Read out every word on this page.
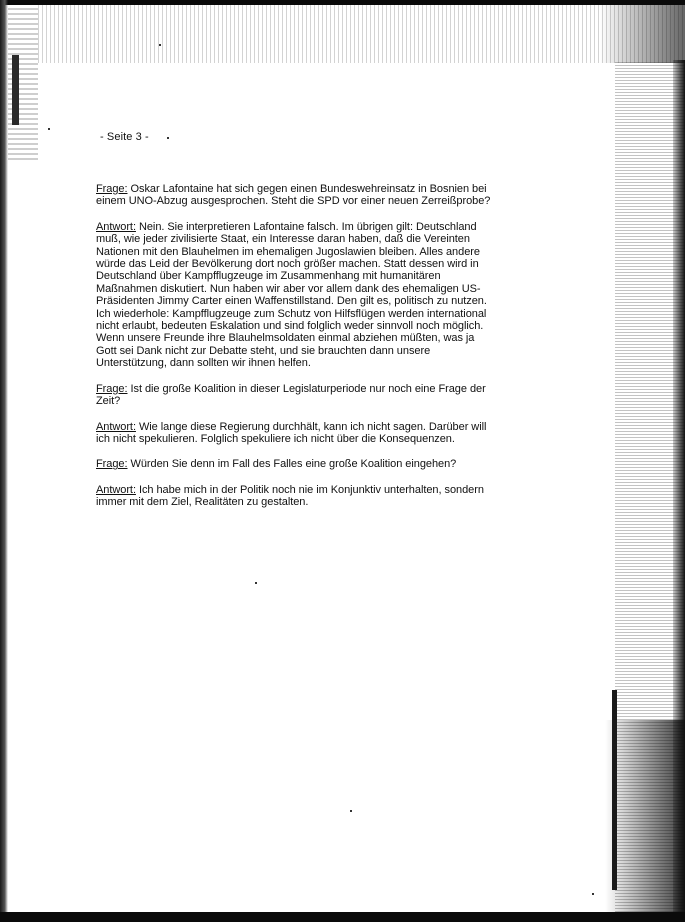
- Seite 3 -

Frage: Oskar Lafontaine hat sich gegen einen Bundeswehreinsatz in Bosnien bei
einem UNO-Abzug ausgesprochen. Steht die SPD vor einer neuen Zerreißprobe?

Antwort: Nein. Sie interpretieren Lafontaine falsch. Im übrigen gilt: Deutschland
muß, wie jeder zivilisierte Staat, ein Interesse daran haben, daß die Vereinten
Nationen mit den Blauhelmen im ehemaligen Jugoslawien bleiben. Alles andere
würde das Leid der Bevölkerung dort noch größer machen. Statt dessen wird in
Deutschland über Kampfflugzeuge im Zusammenhang mit humanitären
Maßnahmen diskutiert. Nun haben wir aber vor allem dank des ehemaligen US-
Präsidenten Jimmy Carter einen Waffenstillstand. Den gilt es, politisch zu nutzen.
Ich wiederhole: Kampfflugzeuge zum Schutz von Hilfsflügen werden international
nicht erlaubt, bedeuten Eskalation und sind folglich weder sinnvoll noch möglich.
Wenn unsere Freunde ihre Blauhelmsoldaten einmal abziehen müßten, was ja
Gott sei Dank nicht zur Debatte steht, und sie brauchten dann unsere
Unterstützung, dann sollten wir ihnen helfen.

Frage: Ist die große Koalition in dieser Legislaturperiode nur noch eine Frage der
Zeit?

Antwort: Wie lange diese Regierung durchhält, kann ich nicht sagen. Darüber will
ich nicht spekulieren. Folglich spekuliere ich nicht über die Konsequenzen.

Frage: Würden Sie denn im Fall des Falles eine große Koalition eingehen?

Antwort: Ich habe mich in der Politik noch nie im Konjunktiv unterhalten, sondern
immer mit dem Ziel, Realitäten zu gestalten.
